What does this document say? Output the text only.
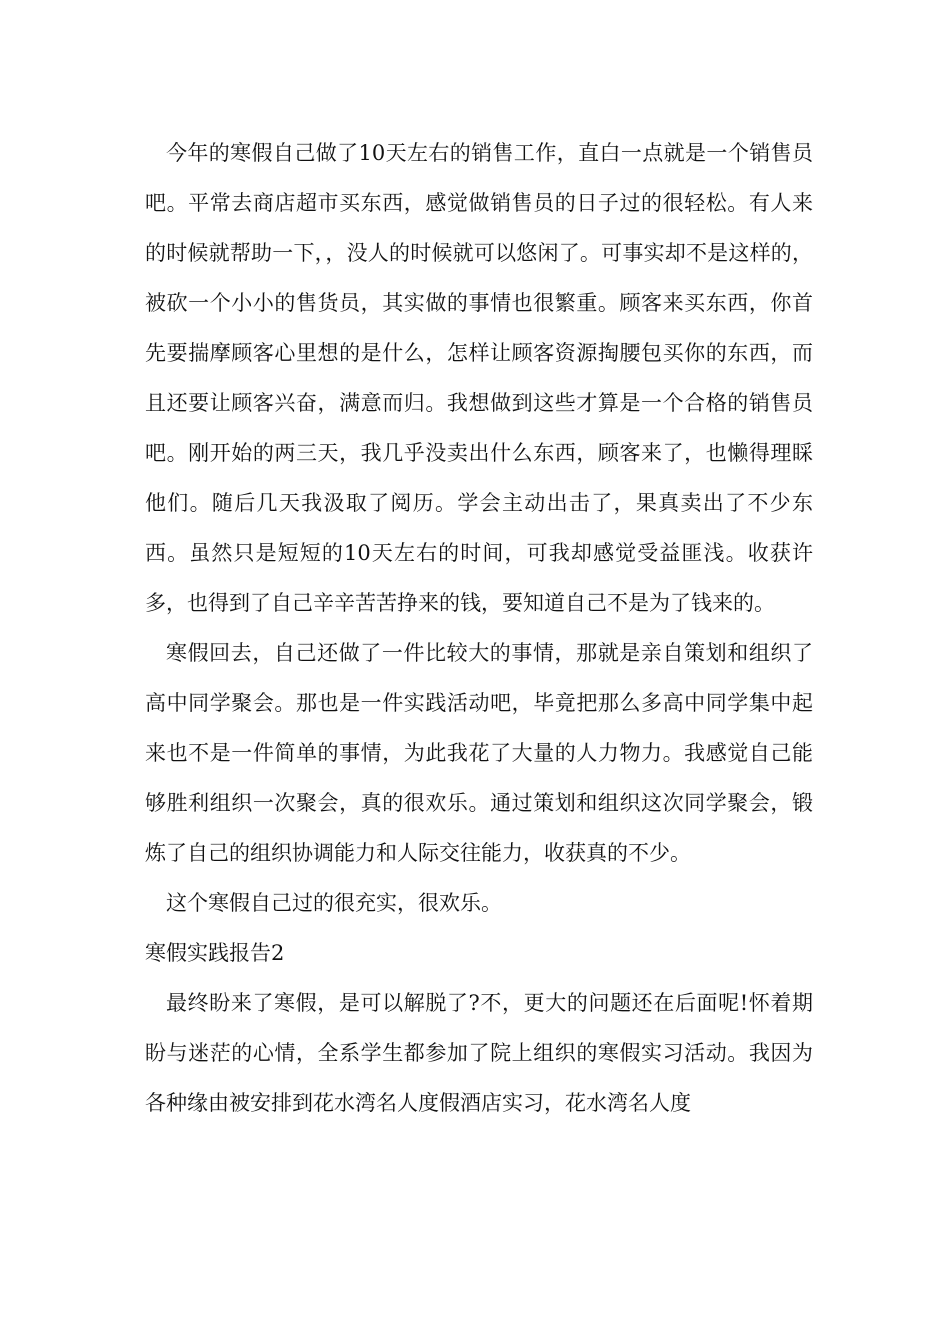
今年的寒假自己做了10天左右的销售工作，直白一点就是一个销售员吧。平常去商店超市买东西，感觉做销售员的日子过的很轻松。有人来的时候就帮助一下，，没人的时候就可以悠闲了。可事实却不是这样的，被砍一个小小的售货员，其实做的事情也很繁重。顾客来买东西，你首先要揣摩顾客心里想的是什么，怎样让顾客资源掏腰包买你的东西，而且还要让顾客兴奋，满意而归。我想做到这些才算是一个合格的销售员吧。刚开始的两三天，我几乎没卖出什么东西，顾客来了，也懒得理睬他们。随后几天我汲取了阅历。学会主动出击了，果真卖出了不少东西。虽然只是短短的10天左右的时间，可我却感觉受益匪浅。收获许多，也得到了自己辛辛苦苦挣来的钱，要知道自己不是为了钱来的。

寒假回去，自己还做了一件比较大的事情，那就是亲自策划和组织了高中同学聚会。那也是一件实践活动吧，毕竟把那么多高中同学集中起来也不是一件简单的事情，为此我花了大量的人力物力。我感觉自己能够胜利组织一次聚会，真的很欢乐。通过策划和组织这次同学聚会，锻炼了自己的组织协调能力和人际交往能力，收获真的不少。

这个寒假自己过的很充实，很欢乐。

寒假实践报告2

最终盼来了寒假，是可以解脱了?不，更大的问题还在后面呢!怀着期盼与迷茫的心情，全系学生都参加了院上组织的寒假实习活动。我因为各种缘由被安排到花水湾名人度假酒店实习，花水湾名人度
